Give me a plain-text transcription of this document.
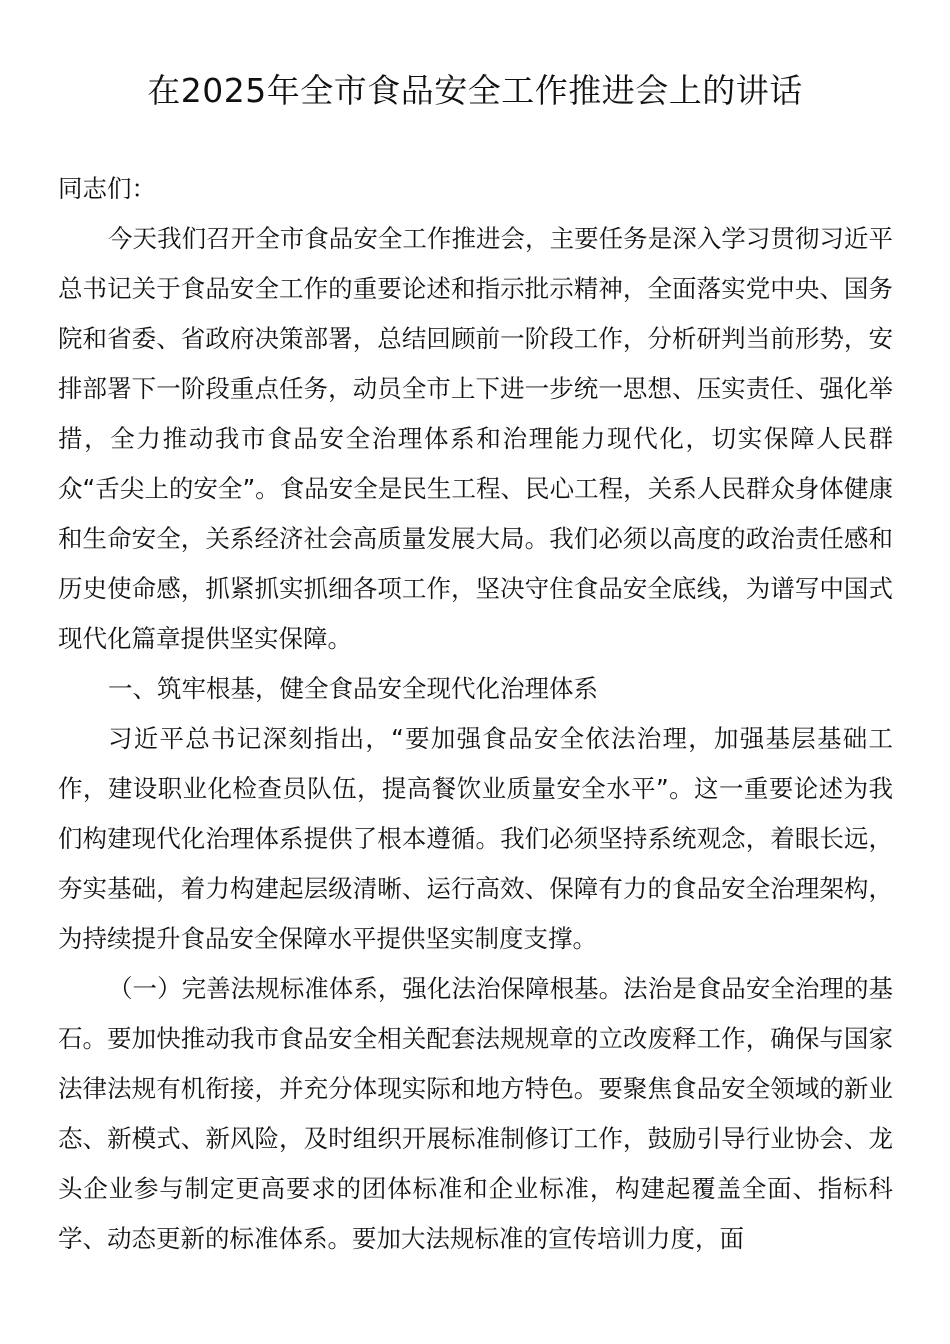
在2025年全市食品安全工作推进会上的讲话

同志们：

今天我们召开全市食品安全工作推进会，主要任务是深入学习贯彻习近平总书记关于食品安全工作的重要论述和指示批示精神，全面落实党中央、国务院和省委、省政府决策部署，总结回顾前一阶段工作，分析研判当前形势，安排部署下一阶段重点任务，动员全市上下进一步统一思想、压实责任、强化举措，全力推动我市食品安全治理体系和治理能力现代化，切实保障人民群众“舌尖上的安全”。食品安全是民生工程、民心工程，关系人民群众身体健康和生命安全，关系经济社会高质量发展大局。我们必须以高度的政治责任感和历史使命感，抓紧抓实抓细各项工作，坚决守住食品安全底线，为谱写中国式现代化篇章提供坚实保障。

一、筑牢根基，健全食品安全现代化治理体系

习近平总书记深刻指出，“要加强食品安全依法治理，加强基层基础工作，建设职业化检查员队伍，提高餐饮业质量安全水平”。这一重要论述为我们构建现代化治理体系提供了根本遵循。我们必须坚持系统观念，着眼长远，夯实基础，着力构建起层级清晰、运行高效、保障有力的食品安全治理架构，为持续提升食品安全保障水平提供坚实制度支撑。

（一）完善法规标准体系，强化法治保障根基。法治是食品安全治理的基石。要加快推动我市食品安全相关配套法规规章的立改废释工作，确保与国家法律法规有机衔接，并充分体现实际和地方特色。要聚焦食品安全领域的新业态、新模式、新风险，及时组织开展标准制修订工作，鼓励引导行业协会、龙头企业参与制定更高要求的团体标准和企业标准，构建起覆盖全面、指标科学、动态更新的标准体系。要加大法规标准的宣传培训力度，面
